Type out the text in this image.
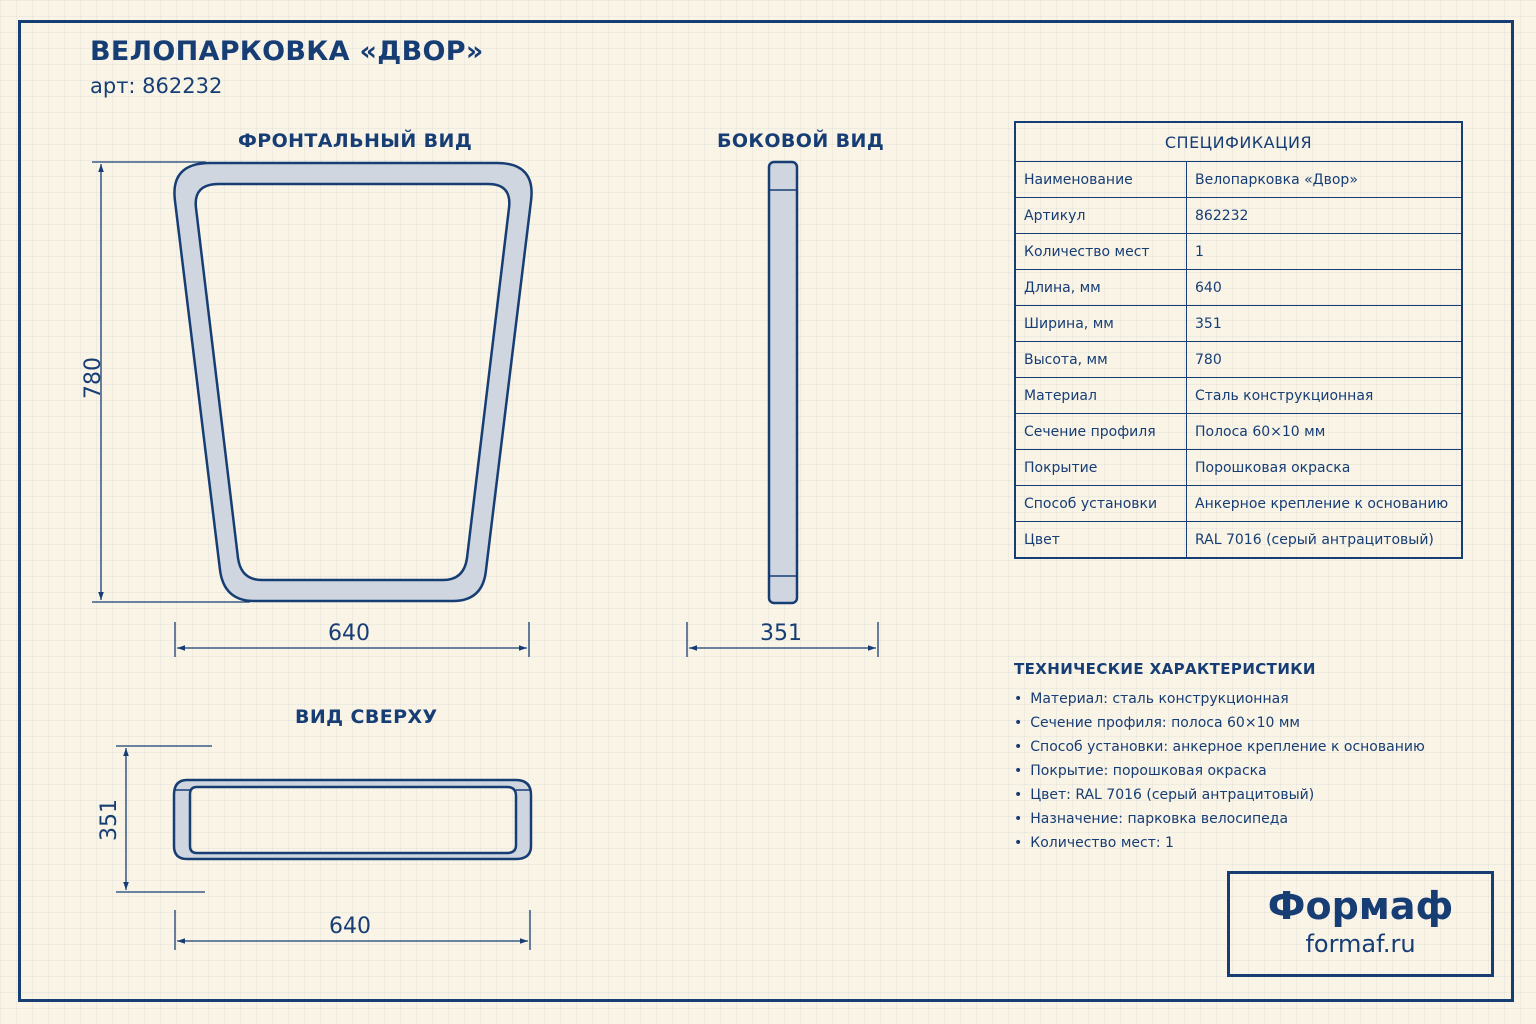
ВЕЛОПАРКОВКА «ДВОР»
арт: 862232
ФРОНТАЛЬНЫЙ ВИД	БОКОВОЙ ВИД
ВИД СВЕРХУ
780
640	351
351
640
СПЕЦИФИКАЦИЯ	
Наименование	Велопарковка «Двор»
Артикул	862232
Количество мест	1
Длина, мм	640
Ширина, мм	351
Высота, мм	780
Материал	Сталь конструкционная
Сечение профиля	Полоса 60×10 мм
Покрытие	Порошковая окраска
Способ установки	Анкерное крепление к основанию
Цвет	RAL 7016 (серый антрацитовый)
ТЕХНИЧЕСКИЕ ХАРАКТЕРИСТИКИ
• Материал: сталь конструкционная
• Сечение профиля: полоса 60×10 мм
• Способ установки: анкерное крепление к основанию
• Покрытие: порошковая окраска
• Цвет: RAL 7016 (серый антрацитовый)
• Назначение: парковка велосипеда
• Количество мест: 1
Формаф
formaf.ru
